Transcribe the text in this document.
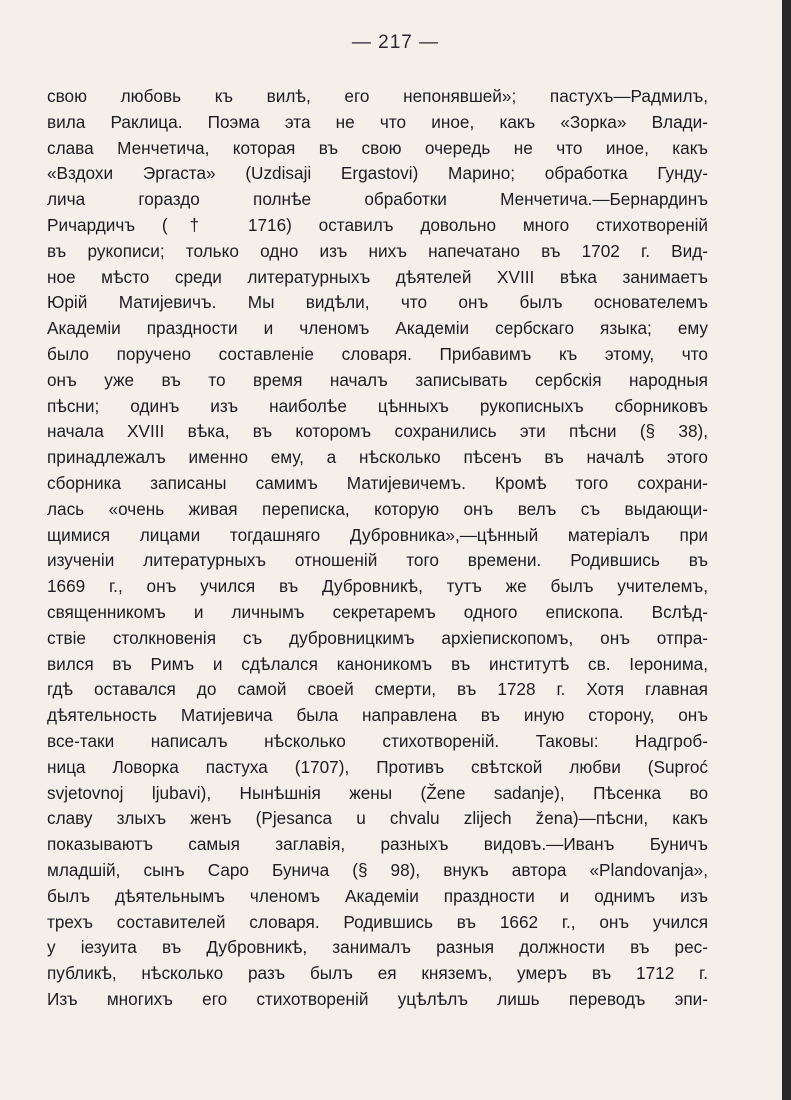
— 217 —
свою любовь къ вилѣ, его непонявшей»; пастухъ—Радмилъ,
вила Раклица. Поэма эта не что иное, какъ «Зорка» Влади-
слава Менчетича, которая въ свою очередь не что иное, какъ
«Вздохи Эргаста» (Uzdisaji Ergastovi) Марино; обработка Гунду-
лича гораздо полнѣе обработки Менчетича.—Бернардинъ
Ричардичъ († 1716) оставилъ довольно много стихотвореній
въ рукописи; только одно изъ нихъ напечатано въ 1702 г. Вид-
ное мѣсто среди литературныхъ дѣятелей XVIII вѣка занимаетъ
Юрій Матиjевичъ. Мы видѣли, что онъ былъ основателемъ
Академіи праздности и членомъ Академіи сербскаго языка; ему
было поручено составленіе словаря. Прибавимъ къ этому, что
онъ уже въ то время началъ записывать сербскія народныя
пѣсни; одинъ изъ наиболѣе цѣнныхъ рукописныхъ сборниковъ
начала XVIII вѣка, въ которомъ сохранились эти пѣсни (§ 38),
принадлежалъ именно ему, а нѣсколько пѣсенъ въ началѣ этого
сборника записаны самимъ Матиjевичемъ. Кромѣ того сохрани-
лась «очень живая переписка, которую онъ велъ съ выдающи-
щимися лицами тогдашняго Дубровника»,—цѣнный матеріалъ при
изученіи литературныхъ отношеній того времени. Родившись въ
1669 г., онъ учился въ Дубровникѣ, тутъ же былъ учителемъ,
священникомъ и личнымъ секретаремъ одного епископа. Вслѣд-
ствіе столкновенія съ дубровницкимъ архіепископомъ, онъ отпра-
вился въ Римъ и сдѣлался каноникомъ въ институтѣ св. Іеронима,
гдѣ оставался до самой своей смерти, въ 1728 г. Хотя главная
дѣятельность Матиjевича была направлена въ иную сторону, онъ
все-таки написалъ нѣсколько стихотвореній. Таковы: Надгроб-
ница Ловорка пастуха (1707), Противъ свѣтской любви (Suproć
svjetovnoj ljubavi), Нынѣшнія жены (Žene sadanje), Пѣсенка во
славу злыхъ женъ (Pjesanca u chvalu zlijech žena)—пѣсни, какъ
показываютъ самыя заглавія, разныхъ видовъ.—Иванъ Буничъ
младшій, сынъ Саро Бунича (§ 98), внукъ автора «Plandovanja»,
былъ дѣятельнымъ членомъ Академіи праздности и однимъ изъ
трехъ составителей словаря. Родившись въ 1662 г., онъ учился
у іезуита въ Дубровникѣ, занималъ разныя должности въ рес-
публикѣ, нѣсколько разъ былъ ея княземъ, умеръ въ 1712 г.
Изъ многихъ его стихотвореній уцѣлѣлъ лишь переводъ эпи-
